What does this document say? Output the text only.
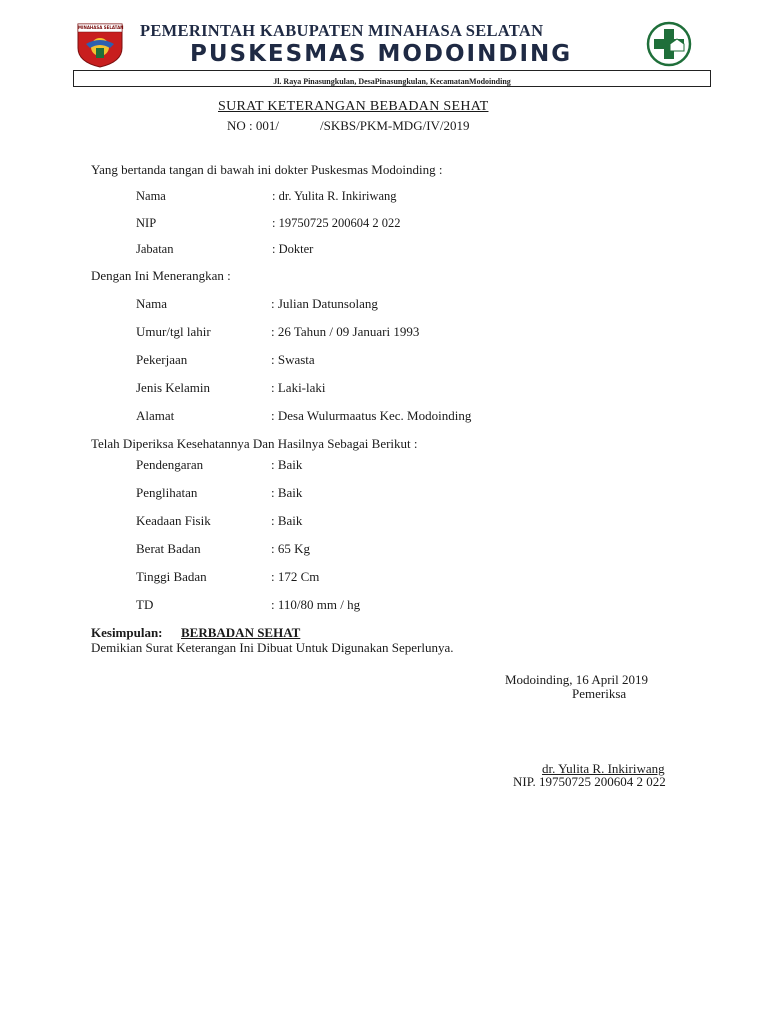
MINAHASA SELATAN PEMERINTAH KABUPATEN MINAHASA SELATAN
PUSKESMAS MODOINDING
Jl. Raya Pinasungkulan, DesaPinasungkulan, KecamatanModoinding
SURAT KETERANGAN BEBADAN SEHAT
NO : 001/	/SKBS/PKM-MDG/IV/2019
Yang bertanda tangan di bawah ini dokter Puskesmas Modoinding :
Nama	: dr. Yulita R. Inkiriwang
NIP	: 19750725 200604 2 022
Jabatan	: Dokter
Dengan Ini Menerangkan :
Nama	: Julian Datunsolang
Umur/tgl lahir	: 26 Tahun / 09 Januari 1993
Pekerjaan	: Swasta
Jenis Kelamin	: Laki-laki
Alamat	: Desa Wulurmaatus Kec. Modoinding
Telah Diperiksa Kesehatannya Dan Hasilnya Sebagai Berikut :
Pendengaran	: Baik
Penglihatan	: Baik
Keadaan Fisik	: Baik
Berat Badan	: 65 Kg
Tinggi Badan	: 172 Cm
TD	: 110/80 mm / hg
Kesimpulan: BERBADAN SEHAT
Demikian Surat Keterangan Ini Dibuat Untuk Digunakan Seperlunya.
Modoinding, 16 April 2019
Pemeriksa
dr. Yulita R. Inkiriwang
NIP. 19750725 200604 2 022
